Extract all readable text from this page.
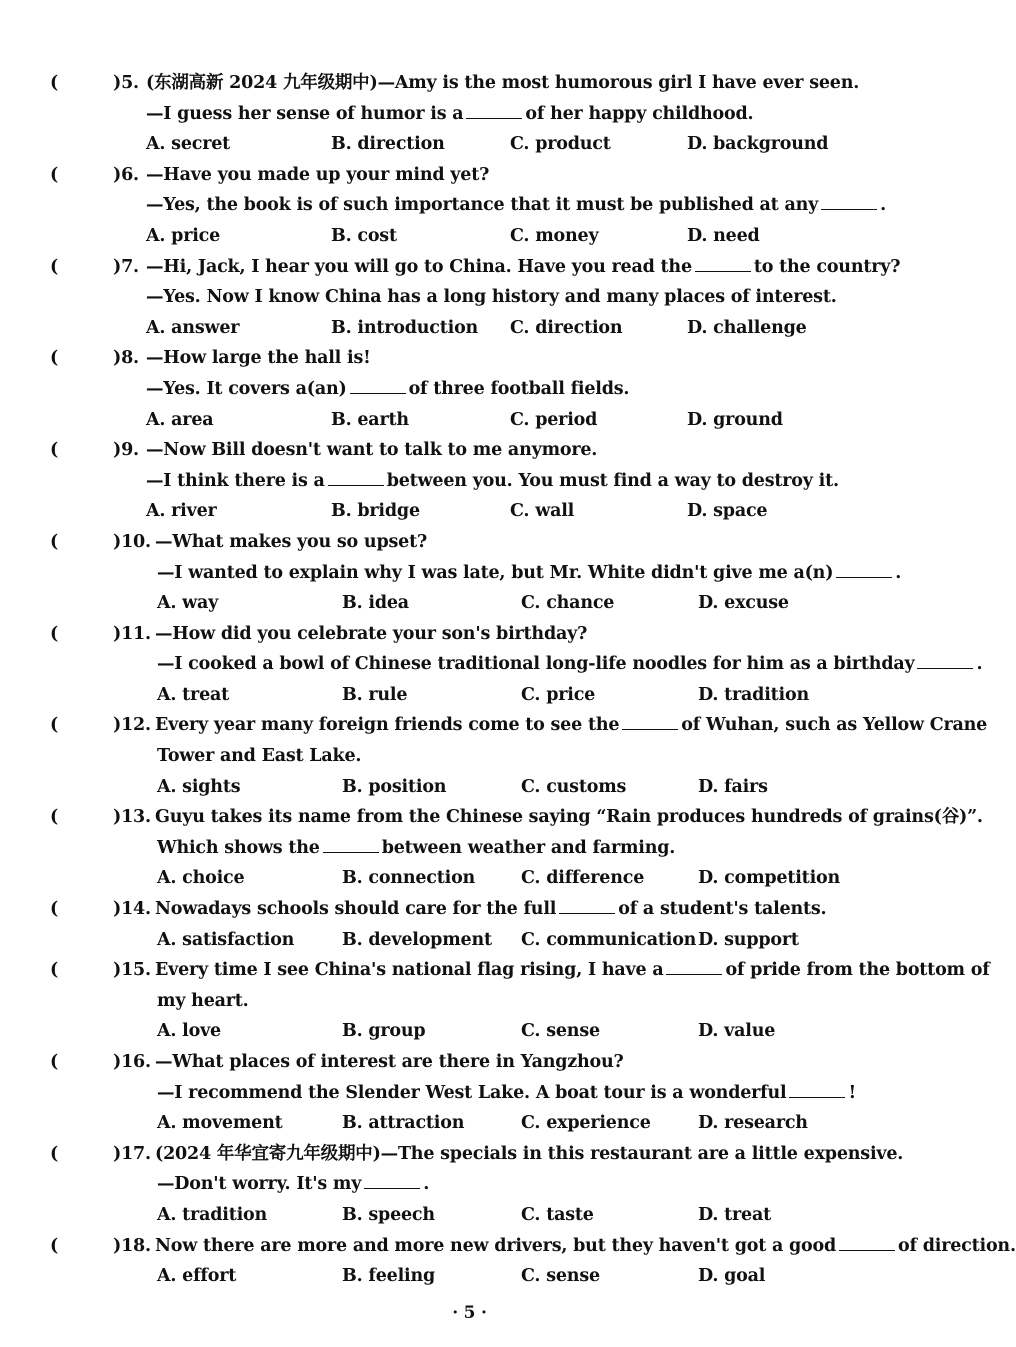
(	)5. (东湖高新 2024 九年级期中)—Amy is the most humorous girl I have ever seen.
—I guess her sense of humor is a	of her happy childhood.
A. secret	B. direction	C. product	D. background
(	)6. —Have you made up your mind yet?
—Yes, the book is of such importance that it must be published at any	.
A. price	B. cost	C. money	D. need
(	)7. —Hi, Jack, I hear you will go to China. Have you read the	to the country?
—Yes. Now I know China has a long history and many places of interest.
A. answer	B. introduction C. direction	D. challenge
(	)8. —How large the hall is!
—Yes. It covers a(an)	of three football fields.
A. area	B. earth	C. period	D. ground
(	)9. —Now Bill doesn't want to talk to me anymore.
—I think there is a	between you. You must find a way to destroy it.
A. river	B. bridge	C. wall	D. space
(	)10. —What makes you so upset?
—I wanted to explain why I was late, but Mr. White didn't give me a(n)	.
A. way	B. idea	C. chance	D. excuse
(	)11. —How did you celebrate your son's birthday?
—I cooked a bowl of Chinese traditional long-life noodles for him as a birthday	.
A. treat	B. rule	C. price	D. tradition
(	)12. Every year many foreign friends come to see the	of Wuhan, such as Yellow Crane
Tower and East Lake.
A. sights	B. position	C. customs	D. fairs
(	)13. Guyu takes its name from the Chinese saying “Rain produces hundreds of grains(谷)”.
Which shows the	between weather and farming.
A. choice	B. connection	C. difference	D. competition
(	)14. Nowadays schools should care for the full	of a student's talents.
A. satisfaction	B. development C. communication D. support
(	)15. Every time I see China's national flag rising, I have a	of pride from the bottom of
my heart.
A. love	B. group	C. sense	D. value
(	)16. —What places of interest are there in Yangzhou?
—I recommend the Slender West Lake. A boat tour is a wonderful	!
A. movement	B. attraction	C. experience	D. research
(	)17. (2024 年华宜寄九年级期中)—The specials in this restaurant are a little expensive.
—Don't worry. It's my	.
A. tradition	B. speech	C. taste	D. treat
(	)18. Now there are more and more new drivers, but they haven't got a good	of direction.
A. effort	B. feeling	C. sense	D. goal
· 5 ·
